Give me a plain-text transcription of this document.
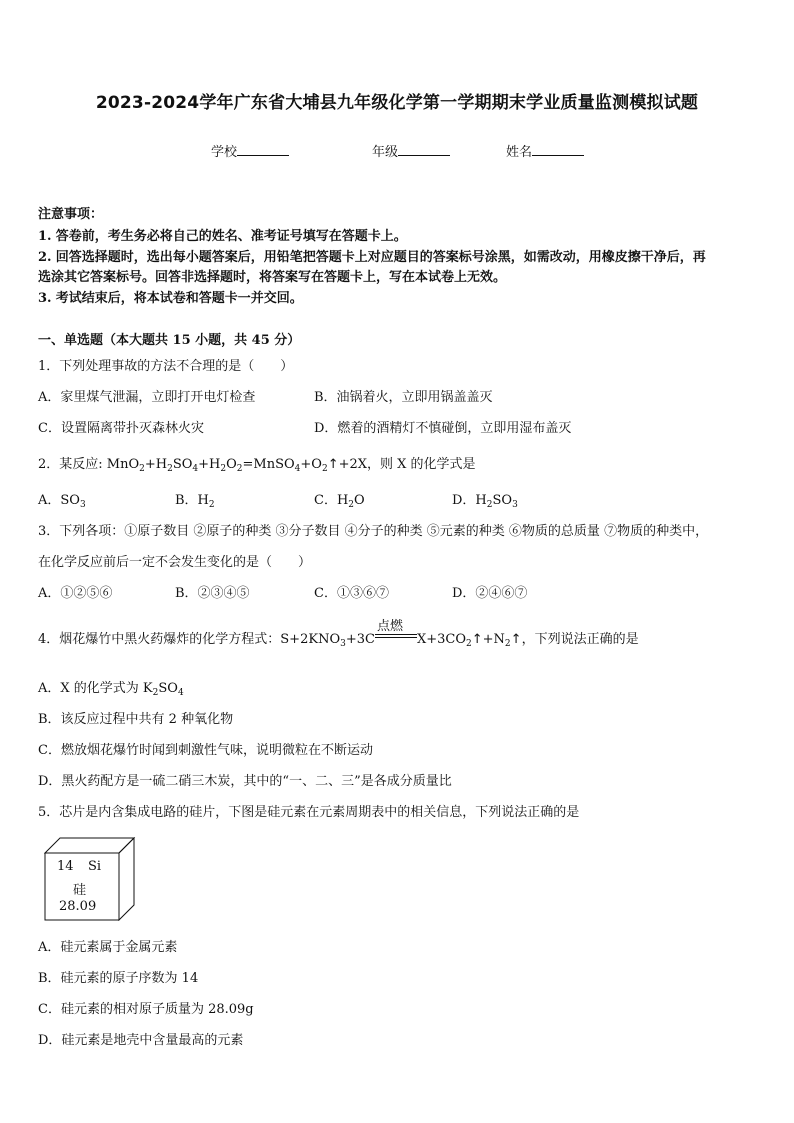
2023-2024学年广东省大埔县九年级化学第一学期期末学业质量监测模拟试题
学校	年级	姓名
注意事项：
1. 答卷前，考生务必将自己的姓名、准考证号填写在答题卡上。
2. 回答选择题时，选出每小题答案后，用铅笔把答题卡上对应题目的答案标号涂黑，如需改动，用橡皮擦干净后，再
选涂其它答案标号。回答非选择题时，将答案写在答题卡上，写在本试卷上无效。
3. 考试结束后，将本试卷和答题卡一并交回。
一、单选题（本大题共 15 小题，共 45 分）
1．下列处理事故的方法不合理的是（　　）
A．家里煤气泄漏，立即打开电灯检查	B．油锅着火，立即用锅盖盖灭
C．设置隔离带扑灭森林火灾	D．燃着的酒精灯不慎碰倒，立即用湿布盖灭
2．某反应: $MnO_2+H_2SO_4+H_2O_2=MnSO_4+O_2↑+2X$，则 X 的化学式是
A．$SO_3$	B．$H_2$	C．$H_2O$	D．$H_2SO_3$
3．下列各项：①原子数目 ②原子的种类 ③分子数目 ④分子的种类 ⑤元素的种类 ⑥物质的总质量 ⑦物质的种类中，
在化学反应前后一定不会发生变化的是（　　）
A．①②⑤⑥	B．②③④⑤	C．①③⑥⑦	D．②④⑥⑦
4．烟花爆竹中黑火药爆炸的化学方程式：$S+2KNO_3+3C$
点燃
$X+3CO_2↑+N_2↑$，下列说法正确的是
A．X 的化学式为 $K_2SO_4$
B．该反应过程中共有 2 种氧化物
C．燃放烟花爆竹时闻到刺激性气味，说明微粒在不断运动
D．黑火药配方是一硫二硝三木炭，其中的“一、二、三”是各成分质量比
5．芯片是内含集成电路的硅片，下图是硅元素在元素周期表中的相关信息，下列说法正确的是
14 Si
硅
28.09
A．硅元素属于金属元素
B．硅元素的原子序数为 14
C．硅元素的相对原子质量为 28.09g
D．硅元素是地壳中含量最高的元素
